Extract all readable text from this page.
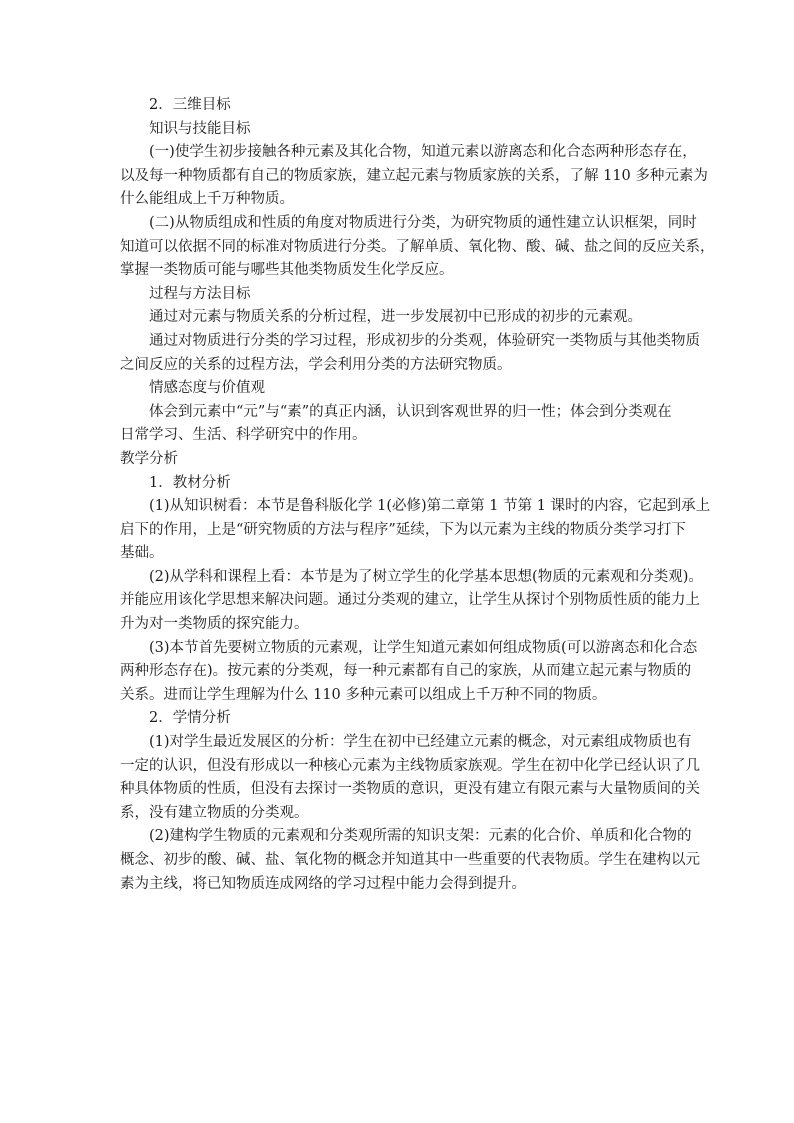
2．三维目标
知识与技能目标
(一)使学生初步接触各种元素及其化合物，知道元素以游离态和化合态两种形态存在，
以及每一种物质都有自己的物质家族，建立起元素与物质家族的关系，了解 110 多种元素为
什么能组成上千万种物质。
(二)从物质组成和性质的角度对物质进行分类，为研究物质的通性建立认识框架，同时
知道可以依据不同的标准对物质进行分类。了解单质、氧化物、酸、碱、盐之间的反应关系，
掌握一类物质可能与哪些其他类物质发生化学反应。
过程与方法目标
通过对元素与物质关系的分析过程，进一步发展初中已形成的初步的元素观。
通过对物质进行分类的学习过程，形成初步的分类观，体验研究一类物质与其他类物质
之间反应的关系的过程方法，学会利用分类的方法研究物质。
情感态度与价值观
体会到元素中“元”与“素”的真正内涵，认识到客观世界的归一性；体会到分类观在
日常学习、生活、科学研究中的作用。
教学分析
1．教材分析
(1)从知识树看：本节是鲁科版化学 1(必修)第二章第 1 节第 1 课时的内容，它起到承上
启下的作用，上是“研究物质的方法与程序”延续，下为以元素为主线的物质分类学习打下
基础。
(2)从学科和课程上看：本节是为了树立学生的化学基本思想(物质的元素观和分类观)。
并能应用该化学思想来解决问题。通过分类观的建立，让学生从探讨个别物质性质的能力上
升为对一类物质的探究能力。
(3)本节首先要树立物质的元素观，让学生知道元素如何组成物质(可以游离态和化合态
两种形态存在)。按元素的分类观，每一种元素都有自己的家族，从而建立起元素与物质的
关系。进而让学生理解为什么 110 多种元素可以组成上千万种不同的物质。
2．学情分析
(1)对学生最近发展区的分析：学生在初中已经建立元素的概念，对元素组成物质也有
一定的认识，但没有形成以一种核心元素为主线物质家族观。学生在初中化学已经认识了几
种具体物质的性质，但没有去探讨一类物质的意识，更没有建立有限元素与大量物质间的关
系，没有建立物质的分类观。
(2)建构学生物质的元素观和分类观所需的知识支架：元素的化合价、单质和化合物的
概念、初步的酸、碱、盐、氧化物的概念并知道其中一些重要的代表物质。学生在建构以元
素为主线，将已知物质连成网络的学习过程中能力会得到提升。
